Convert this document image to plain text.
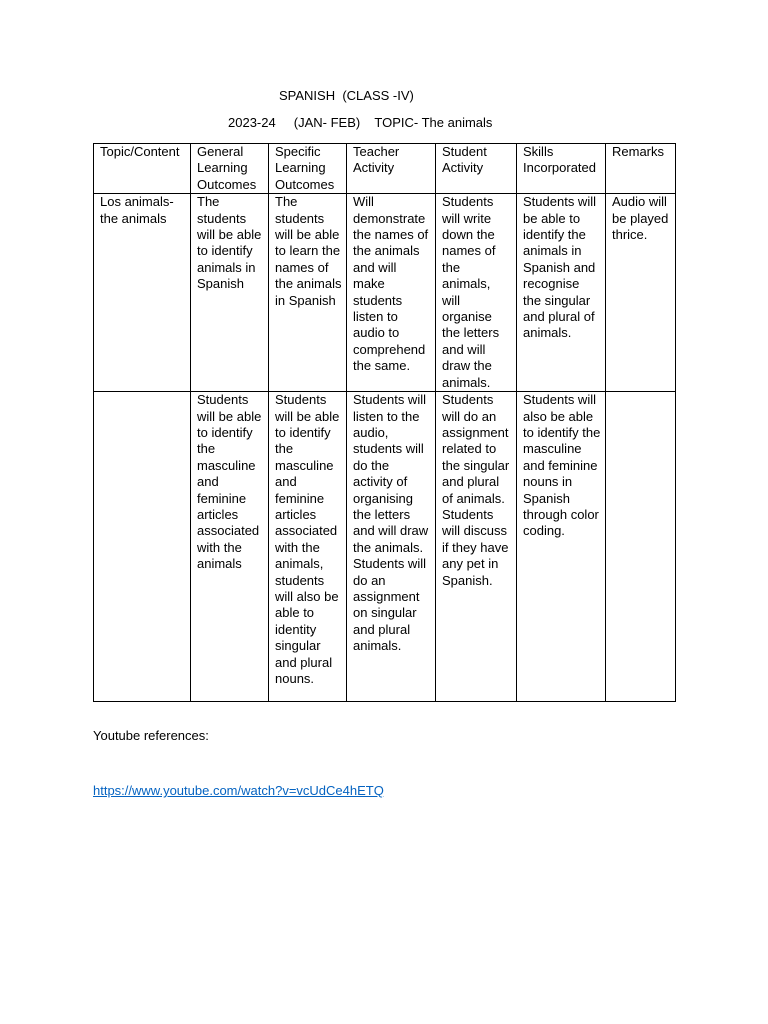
SPANISH  (CLASS -IV)
2023-24     (JAN- FEB)    TOPIC- The animals
Topic/Content	General Learning Outcomes	Specific Learning Outcomes	Teacher Activity	Student Activity	Skills Incorporated	Remarks
Los animals- the animals	The students will be able to identify animals in Spanish	The students will be able to learn the names of the animals in Spanish	Will demonstrate the names of the animals and will make students listen to audio to comprehend the same.	Students will write down the names of the animals, will organise the letters and will draw the animals.	Students will be able to identify the animals in Spanish and recognise the singular and plural of animals.	Audio will be played thrice.
	Students will be able to identify the masculine and feminine articles associated with the animals	Students will be able to identify the masculine and feminine articles associated with the animals, students will also be able to identity singular and plural nouns.	Students will listen to the audio, students will do the activity of organising the letters and will draw the animals. Students will do an assignment on singular and plural animals.	Students will do an assignment related to the singular and plural of animals. Students will discuss if they have any pet in Spanish.	Students will also be able to identify the masculine and feminine nouns in Spanish through color coding.	
Youtube references:
https://www.youtube.com/watch?v=vcUdCe4hETQ
